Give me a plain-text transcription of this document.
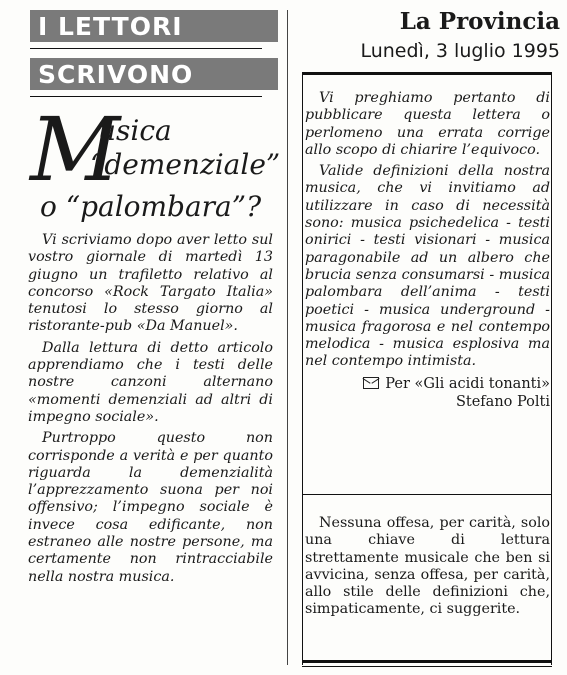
I LETTORI
SCRIVONO
La Provincia
Lunedì, 3 luglio 1995
M
usica
“demenziale”
o “palombara”?

Vi scriviamo dopo aver letto sul vostro giornale di martedì 13 giugno un trafiletto relativo al concorso «Rock Targato Italia» tenutosi lo stesso giorno al ristorante-pub «Da Manuel».

Dalla lettura di detto articolo apprendiamo che i testi delle nostre canzoni alternano «momenti demenziali ad altri di impegno sociale».

Purtroppo questo non corrisponde a verità e per quanto riguarda la demenzialità l’apprezzamento suona per noi offensivo; l’impegno sociale è invece cosa edificante, non estraneo alle nostre persone, ma certamente non rintracciabile nella nostra musica.

Vi preghiamo pertanto di pubblicare questa lettera o perlomeno una errata corrige allo scopo di chiarire l’equivoco.

Valide definizioni della nostra musica, che vi invitiamo ad utilizzare in caso di necessità sono: musica psichedelica - testi onirici - testi visionari - musica paragonabile ad un albero che brucia senza consumarsi - musica palombara dell’anima - testi poetici - musica underground - musica fragorosa e nel contempo melodica - musica esplosiva ma nel contempo intimista.

Per «Gli acidi tonanti»
Stefano Polti

Nessuna offesa, per carità, solo una chiave di lettura strettamente musicale che ben si avvicina, senza offesa, per carità, allo stile delle definizioni che, simpaticamente, ci suggerite.
